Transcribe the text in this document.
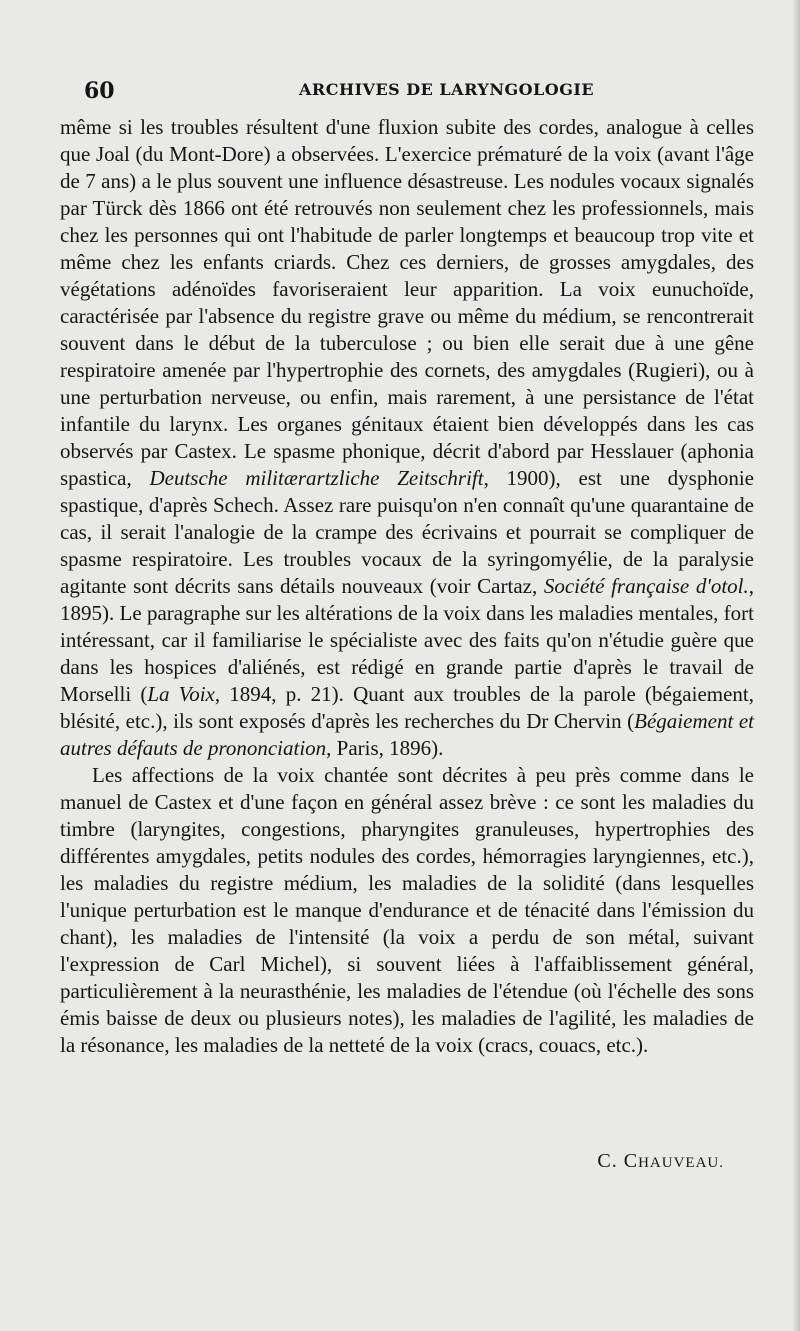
60	ARCHIVES DE LARYNGOLOGIE

même si les troubles résultent d'une fluxion subite des cordes, analogue à celles que Joal (du Mont-Dore) a observées. L'exercice prématuré de la voix (avant l'âge de 7 ans) a le plus souvent une influence désastreuse. Les nodules vocaux signalés par Türck dès 1866 ont été retrouvés non seulement chez les professionnels, mais chez les personnes qui ont l'habitude de parler longtemps et beaucoup trop vite et même chez les enfants criards. Chez ces derniers, de grosses amygdales, des végétations adénoïdes favoriseraient leur apparition. La voix eunuchoïde, caractérisée par l'absence du registre grave ou même du médium, se rencontrerait souvent dans le début de la tuberculose ; ou bien elle serait due à une gêne respiratoire amenée par l'hypertrophie des cornets, des amygdales (Rugieri), ou à une perturbation nerveuse, ou enfin, mais rarement, à une persistance de l'état infantile du larynx. Les organes génitaux étaient bien développés dans les cas observés par Castex. Le spasme phonique, décrit d'abord par Hesslauer (aphonia spastica, Deutsche militærartzliche Zeitschrift, 1900), est une dysphonie spastique, d'après Schech. Assez rare puisqu'on n'en connaît qu'une quarantaine de cas, il serait l'analogie de la crampe des écrivains et pourrait se compliquer de spasme respiratoire. Les troubles vocaux de la syringomyélie, de la paralysie agitante sont décrits sans détails nouveaux (voir Cartaz, Société française d'otol., 1895). Le paragraphe sur les altérations de la voix dans les maladies mentales, fort intéressant, car il familiarise le spécialiste avec des faits qu'on n'étudie guère que dans les hospices d'aliénés, est rédigé en grande partie d'après le travail de Morselli (La Voix, 1894, p. 21). Quant aux troubles de la parole (bégaiement, blésité, etc.), ils sont exposés d'après les recherches du Dr Chervin (Bégaiement et autres défauts de prononciation, Paris, 1896).

Les affections de la voix chantée sont décrites à peu près comme dans le manuel de Castex et d'une façon en général assez brève : ce sont les maladies du timbre (laryngites, congestions, pharyngites granuleuses, hypertrophies des différentes amygdales, petits nodules des cordes, hémorragies laryngiennes, etc.), les maladies du registre médium, les maladies de la solidité (dans lesquelles l'unique perturbation est le manque d'endurance et de ténacité dans l'émission du chant), les maladies de l'intensité (la voix a perdu de son métal, suivant l'expression de Carl Michel), si souvent liées à l'affaiblissement général, particulièrement à la neurasthénie, les maladies de l'étendue (où l'échelle des sons émis baisse de deux ou plusieurs notes), les maladies de l'agilité, les maladies de la résonance, les maladies de la netteté de la voix (cracs, couacs, etc.).

C. CHAUVEAU.
